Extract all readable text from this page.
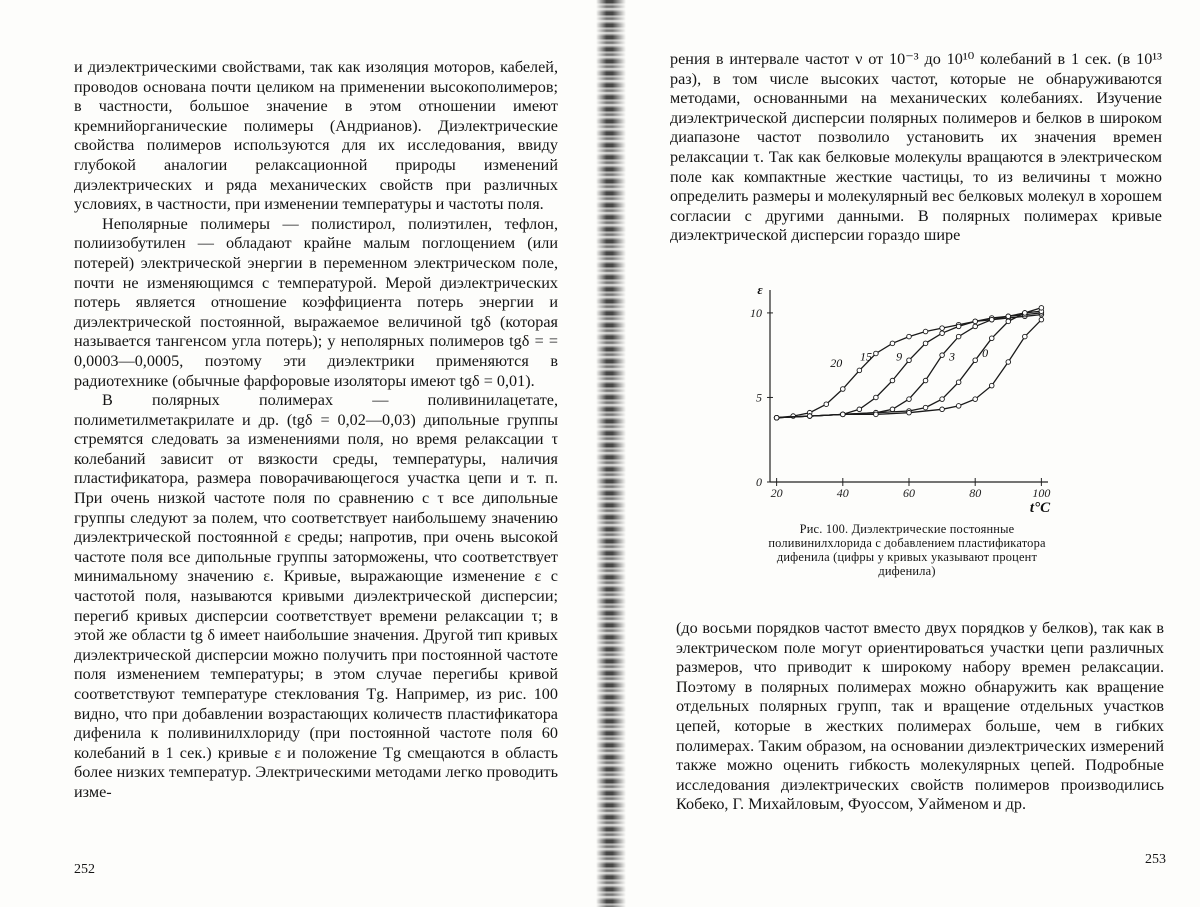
и диэлектрическими свойствами, так как изоляция моторов, кабелей, проводов основана почти целиком на применении высокополимеров; в частности, большое значение в этом отношении имеют кремнийорганические полимеры (Андрианов). Диэлектрические свойства полимеров используются для их исследования, ввиду глубокой аналогии релаксационной природы изменений диэлектрических и ряда механических свойств при различных условиях, в частности, при изменении температуры и частоты поля.

Неполярные полимеры — полистирол, полиэтилен, тефлон, полиизобутилен — обладают крайне малым поглощением (или потерей) электрической энергии в переменном электрическом поле, почти не изменяющимся с температурой. Мерой диэлектрических потерь является отношение коэффициента потерь энергии и диэлектрической постоянной, выражаемое величиной tgδ (которая называется тангенсом угла потерь); у неполярных полимеров tgδ = = 0,0003—0,0005, поэтому эти диэлектрики применяются в радиотехнике (обычные фарфоровые изоляторы имеют tgδ = 0,01).

В полярных полимерах — поливинилацетате, полиметилметакрилате и др. (tgδ = 0,02—0,03) дипольные группы стремятся следовать за изменениями поля, но время релаксации τ колебаний зависит от вязкости среды, температуры, наличия пластификатора, размера поворачивающегося участка цепи и т. п. При очень низкой частоте поля по сравнению с τ все дипольные группы следуют за полем, что соответствует наибольшему значению диэлектрической постоянной ε среды; напротив, при очень высокой частоте поля все дипольные группы заторможены, что соответствует минимальному значению ε. Кривые, выражающие изменение ε с частотой поля, называются кривыми диэлектрической дисперсии; перегиб кривых дисперсии соответствует времени релаксации τ; в этой же области tg δ имеет наибольшие значения. Другой тип кривых диэлектрической дисперсии можно получить при постоянной частоте поля изменением температуры; в этом случае перегибы кривой соответствуют температуре стеклования Tg. Например, из рис. 100 видно, что при добавлении возрастающих количеств пластификатора дифенила к поливинилхлориду (при постоянной частоте поля 60 колебаний в 1 сек.) кривые ε и положение Tg смещаются в область более низких температур. Электрическими методами легко проводить изме-

252

рения в интервале частот ν от 10⁻³ до 10¹⁰ колебаний в 1 сек. (в 10¹³ раз), в том числе высоких частот, которые не обнаруживаются методами, основанными на механических колебаниях. Изучение диэлектрической дисперсии полярных полимеров и белков в широком диапазоне частот позволило установить их значения времен релаксации τ. Так как белковые молекулы вращаются в электрическом поле как компактные жесткие частицы, то из величины τ можно определить размеры и молекулярный вес белковых молекул в хорошем согласии с другими данными. В полярных полимерах кривые диэлектрической дисперсии гораздо шире

20	40	60	80	100
0
5
10
ε
t°C
20 15 9	3 0
Рис. 100. Диэлектрические постоянные поливинилхлорида с добавлением пластификатора дифенила (цифры у кривых указывают процент дифенила)

(до восьми порядков частот вместо двух порядков у белков), так как в электрическом поле могут ориентироваться участки цепи различных размеров, что приводит к широкому набору времен релаксации. Поэтому в полярных полимерах можно обнаружить как вращение отдельных полярных групп, так и вращение отдельных участков цепей, которые в жестких полимерах больше, чем в гибких полимерах. Таким образом, на основании диэлектрических измерений также можно оценить гибкость молекулярных цепей. Подробные исследования диэлектрических свойств полимеров производились Кобеко, Г. Михайловым, Фуоссом, Уайменом и др.

253
